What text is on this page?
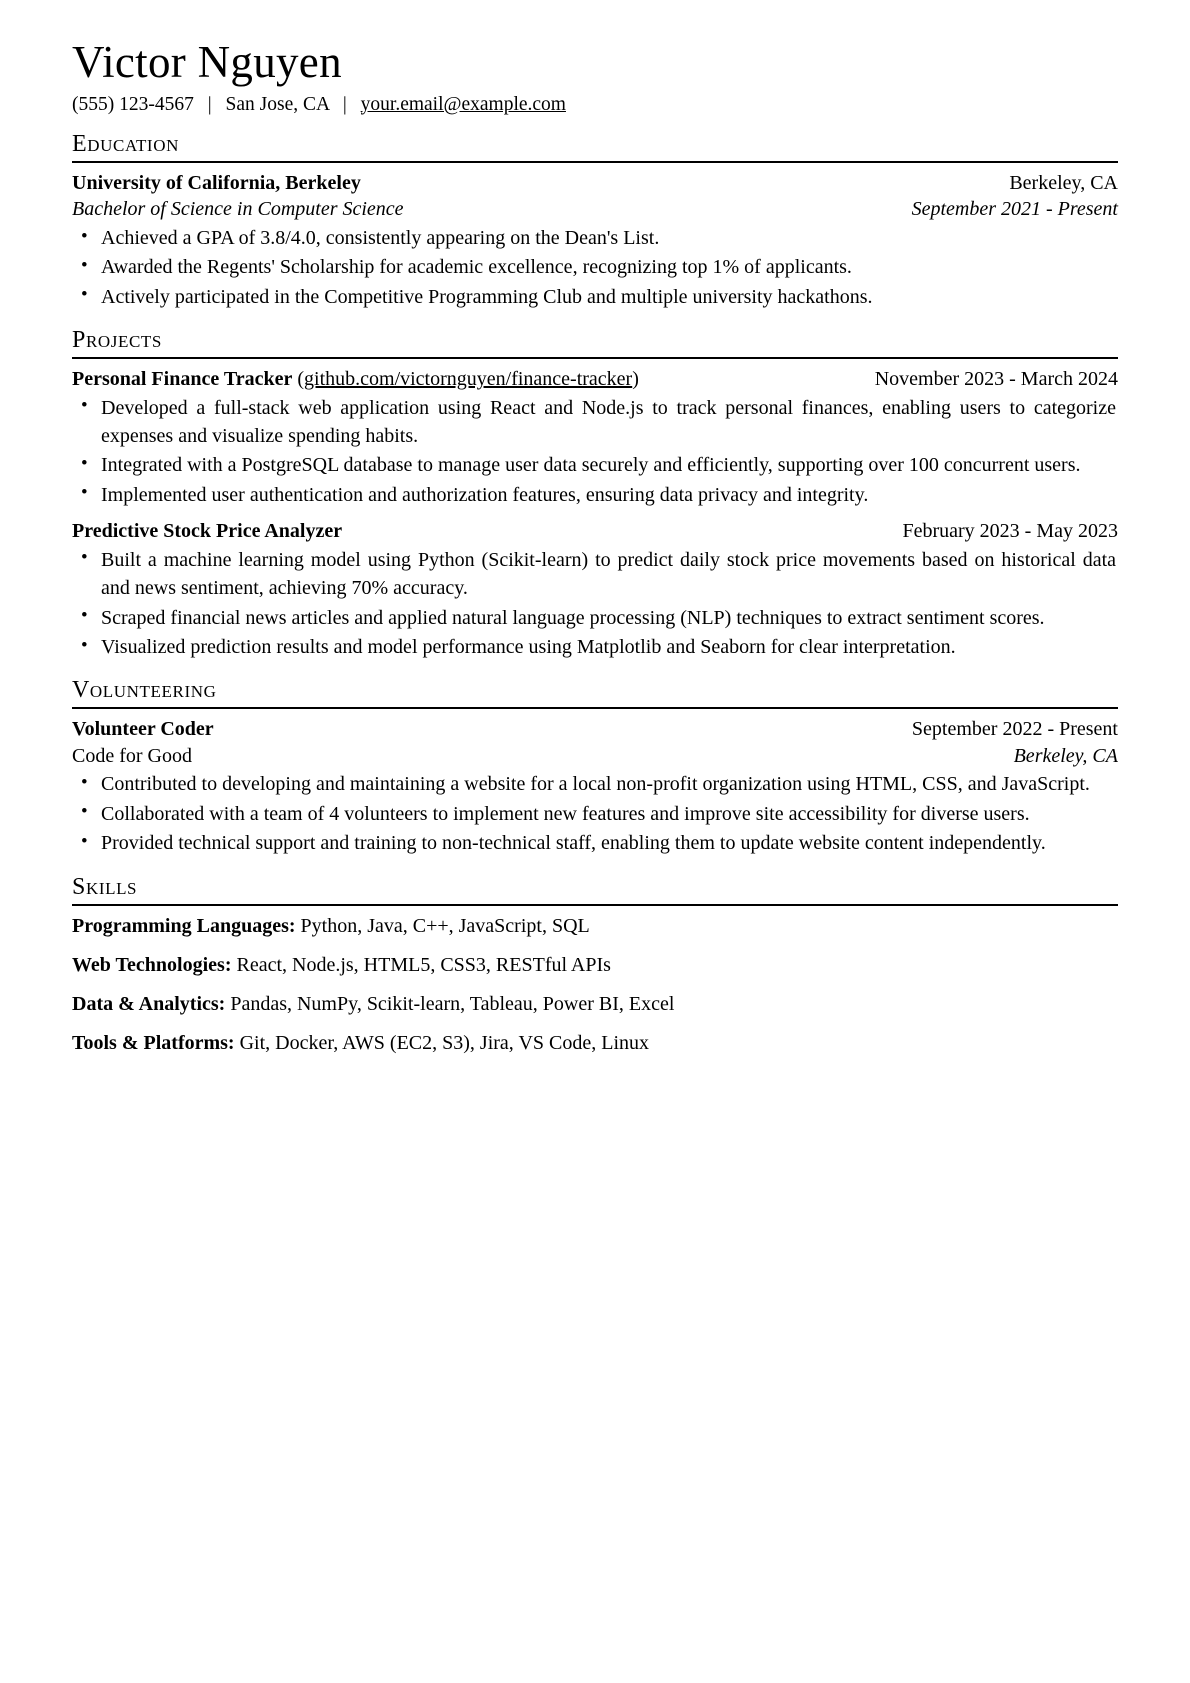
Victor Nguyen
(555) 123-4567 | San Jose, CA | your.email@example.com
Education
University of California, Berkeley	Berkeley, CA
Bachelor of Science in Computer Science	September 2021 - Present
• Achieved a GPA of 3.8/4.0, consistently appearing on the Dean's List.
• Awarded the Regents' Scholarship for academic excellence, recognizing top 1% of applicants.
• Actively participated in the Competitive Programming Club and multiple university hackathons.
Projects
Personal Finance Tracker (github.com/victornguyen/finance-tracker)	November 2023 - March 2024
• Developed a full-stack web application using React and Node.js to track personal finances, enabling users to categorize expenses and visualize spending habits.
• Integrated with a PostgreSQL database to manage user data securely and efficiently, supporting over 100 concurrent users.
• Implemented user authentication and authorization features, ensuring data privacy and integrity.
Predictive Stock Price Analyzer	February 2023 - May 2023
• Built a machine learning model using Python (Scikit-learn) to predict daily stock price movements based on historical data and news sentiment, achieving 70% accuracy.
• Scraped financial news articles and applied natural language processing (NLP) techniques to extract sentiment scores.
• Visualized prediction results and model performance using Matplotlib and Seaborn for clear interpretation.
Volunteering
Volunteer Coder	September 2022 - Present
Code for Good	Berkeley, CA
• Contributed to developing and maintaining a website for a local non-profit organization using HTML, CSS, and JavaScript.
• Collaborated with a team of 4 volunteers to implement new features and improve site accessibility for diverse users.
• Provided technical support and training to non-technical staff, enabling them to update website content independently.
Skills
Programming Languages: Python, Java, C++, JavaScript, SQL
Web Technologies: React, Node.js, HTML5, CSS3, RESTful APIs
Data & Analytics: Pandas, NumPy, Scikit-learn, Tableau, Power BI, Excel
Tools & Platforms: Git, Docker, AWS (EC2, S3), Jira, VS Code, Linux
